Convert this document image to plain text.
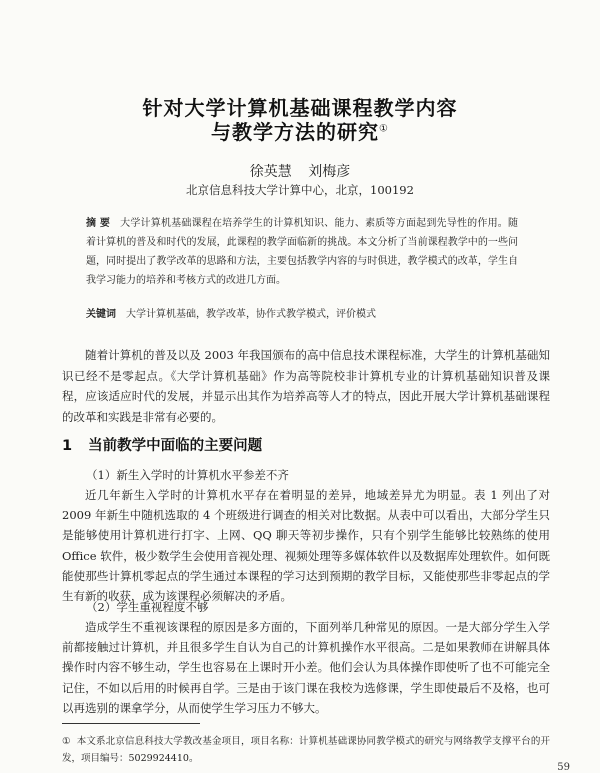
针对大学计算机基础课程教学内容
与教学方法的研究①
徐英慧 刘梅彦
北京信息科技大学计算中心，北京，100192
摘 要 大学计算机基础课程在培养学生的计算机知识、能力、素质等方面起到先导性的作用。随着计算机的普及和时代的发展，此课程的教学面临新的挑战。本文分析了当前课程教学中的一些问题，同时提出了教学改革的思路和方法，主要包括教学内容的与时俱进，教学模式的改革，学生自我学习能力的培养和考核方式的改进几方面。
关键词 大学计算机基础，教学改革，协作式教学模式，评价模式

随着计算机的普及以及 2003 年我国颁布的高中信息技术课程标准，大学生的计算机基础知识已经不是零起点。《大学计算机基础》作为高等院校非计算机专业的计算机基础知识普及课程，应该适应时代的发展，并显示出其作为培养高等人才的特点，因此开展大学计算机基础课程的改革和实践是非常有必要的。

1 当前教学中面临的主要问题
（1）新生入学时的计算机水平参差不齐

近几年新生入学时的计算机水平存在着明显的差异，地域差异尤为明显。表 1 列出了对 2009 年新生中随机选取的 4 个班级进行调查的相关对比数据。从表中可以看出，大部分学生只是能够使用计算机进行打字、上网、QQ 聊天等初步操作，只有个别学生能够比较熟练的使用 Office 软件，极少数学生会使用音视处理、视频处理等多媒体软件以及数据库处理软件。如何既能使那些计算机零起点的学生通过本课程的学习达到预期的教学目标，又能使那些非零起点的学生有新的收获，成为该课程必须解决的矛盾。

（2）学生重视程度不够

造成学生不重视该课程的原因是多方面的，下面列举几种常见的原因。一是大部分学生入学前都接触过计算机，并且很多学生自认为自己的计算机操作水平很高。二是如果教师在讲解具体操作时内容不够生动，学生也容易在上课时开小差。他们会认为具体操作即使听了也不可能完全记住，不如以后用的时候再自学。三是由于该门课在我校为选修课，学生即使最后不及格，也可以再选别的课拿学分，从而使学生学习压力不够大。

① 本文系北京信息科技大学教改基金项目，项目名称：计算机基础课协同教学模式的研究与网络教学支撑平台的开发，项目编号：5029924410。
59
